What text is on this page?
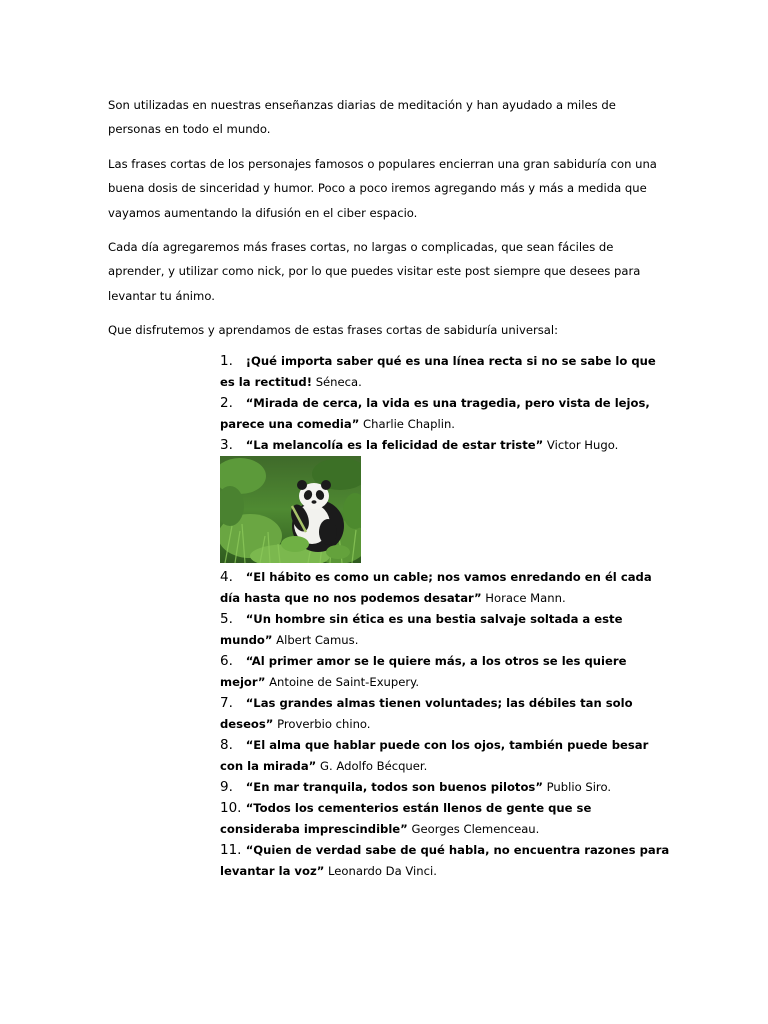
Son utilizadas en nuestras enseñanzas diarias de meditación y han ayudado a miles de personas en todo el mundo.

Las frases cortas de los personajes famosos o populares encierran una gran sabiduría con una buena dosis de sinceridad y humor. Poco a poco iremos agregando más y más a medida que vayamos aumentando la difusión en el ciber espacio.

Cada día agregaremos más frases cortas, no largas o complicadas, que sean fáciles de aprender, y utilizar como nick, por lo que puedes visitar este post siempre que desees para levantar tu ánimo.

Que disfrutemos y aprendamos de estas frases cortas de sabiduría universal:

1. ¡Qué importa saber qué es una línea recta si no se sabe lo que es la rectitud! Séneca.
2. “Mirada de cerca, la vida es una tragedia, pero vista de lejos, parece una comedia” Charlie Chaplin.
3. “La melancolía es la felicidad de estar triste” Victor Hugo.
4. “El hábito es como un cable; nos vamos enredando en él cada día hasta que no nos podemos desatar” Horace Mann.
5. “Un hombre sin ética es una bestia salvaje soltada a este mundo” Albert Camus.
6. “Al primer amor se le quiere más, a los otros se les quiere mejor” Antoine de Saint-Exupery.
7. “Las grandes almas tienen voluntades; las débiles tan solo deseos” Proverbio chino.
8. “El alma que hablar puede con los ojos, también puede besar con la mirada” G. Adolfo Bécquer.
9. “En mar tranquila, todos son buenos pilotos” Publio Siro.
10. “Todos los cementerios están llenos de gente que se consideraba imprescindible” Georges Clemenceau.
11. “Quien de verdad sabe de qué habla, no encuentra razones para levantar la voz” Leonardo Da Vinci.
